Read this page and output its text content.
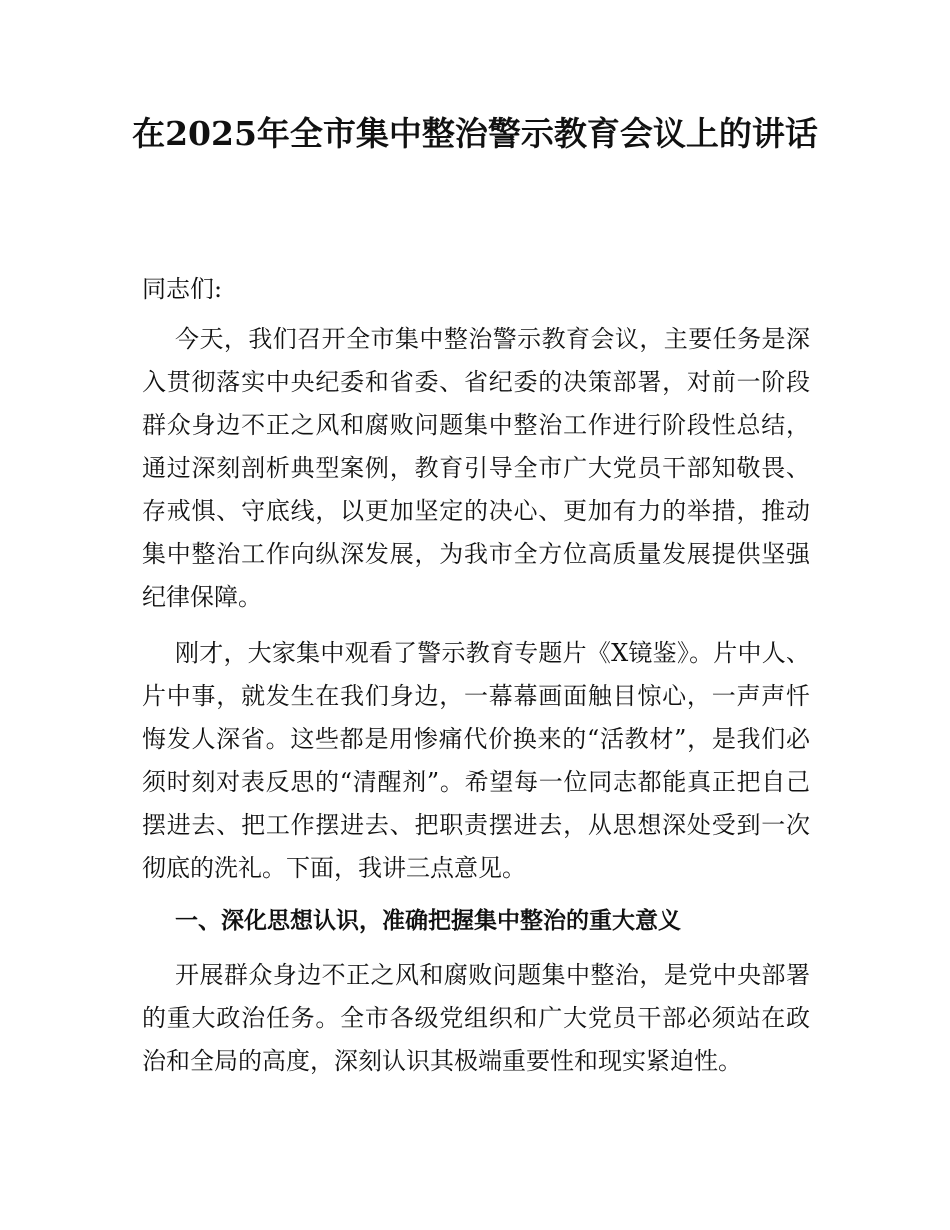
在2025年全市集中整治警示教育会议上的讲话

同志们:

今天，我们召开全市集中整治警示教育会议，主要任务是深入贯彻落实中央纪委和省委、省纪委的决策部署，对前一阶段群众身边不正之风和腐败问题集中整治工作进行阶段性总结，通过深刻剖析典型案例，教育引导全市广大党员干部知敬畏、存戒惧、守底线，以更加坚定的决心、更加有力的举措，推动集中整治工作向纵深发展，为我市全方位高质量发展提供坚强纪律保障。

刚才，大家集中观看了警示教育专题片《X镜鉴》。片中人、片中事，就发生在我们身边，一幕幕画面触目惊心，一声声忏悔发人深省。这些都是用惨痛代价换来的“活教材”，是我们必须时刻对表反思的“清醒剂”。希望每一位同志都能真正把自己摆进去、把工作摆进去、把职责摆进去，从思想深处受到一次彻底的洗礼。下面，我讲三点意见。

一、深化思想认识，准确把握集中整治的重大意义

开展群众身边不正之风和腐败问题集中整治，是党中央部署的重大政治任务。全市各级党组织和广大党员干部必须站在政治和全局的高度，深刻认识其极端重要性和现实紧迫性。
